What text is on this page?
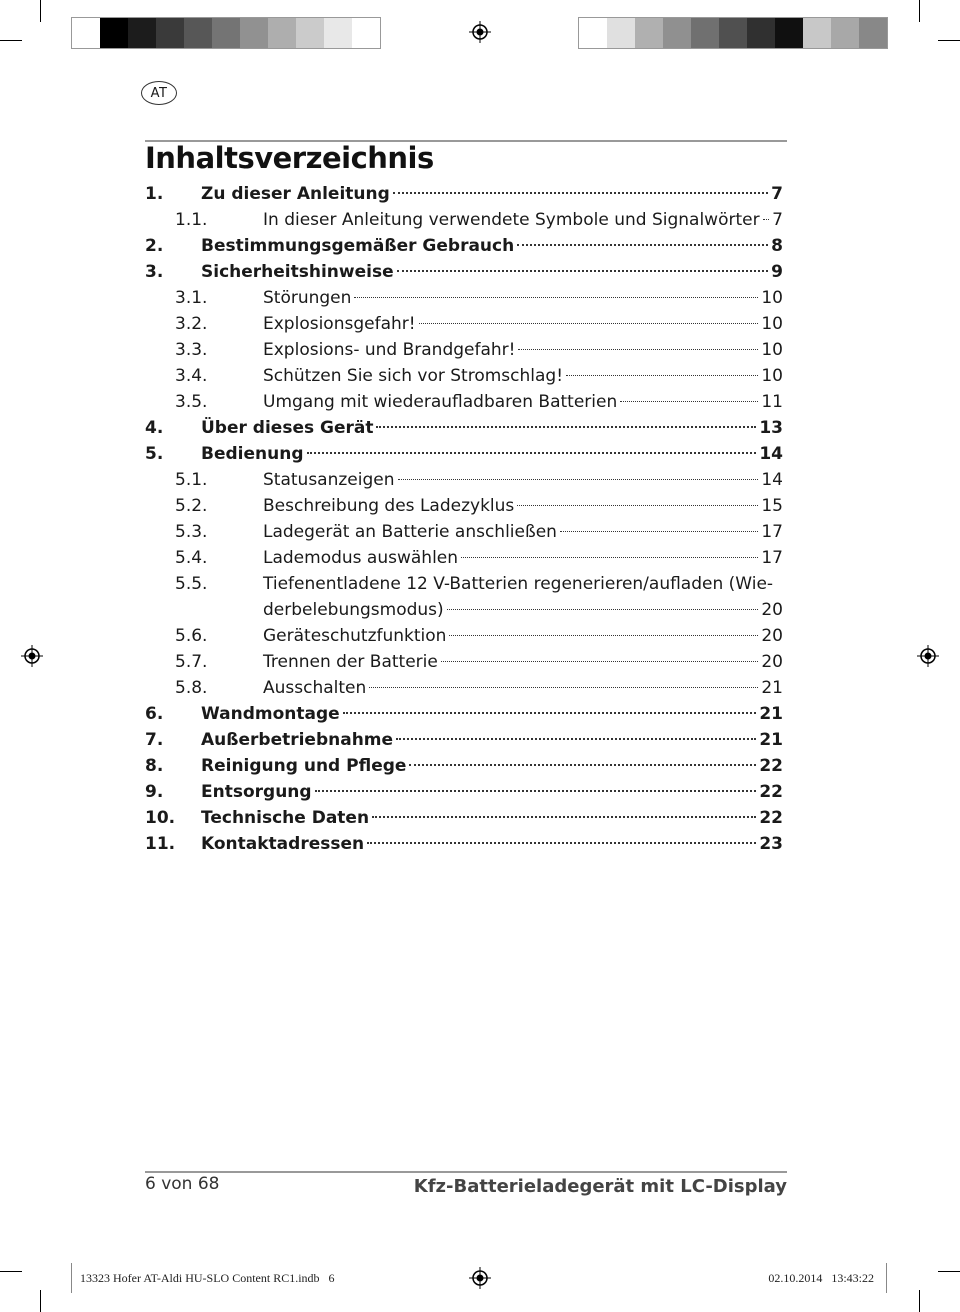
AT
Inhaltsverzeichnis
1.	Zu dieser Anleitung	7
1.1.	In dieser Anleitung verwendete Symbole und Signalwörter 7
2.	Bestimmungsgemäßer Gebrauch	8
3.	Sicherheitshinweise	9
3.1.	Störungen	10
3.2.	Explosionsgefahr!	10
3.3.	Explosions- und Brandgefahr!	10
3.4.	Schützen Sie sich vor Stromschlag!	10
3.5.	Umgang mit wiederaufladbaren Batterien	11
4.	Über dieses Gerät	13
5.	Bedienung	14
5.1.	Statusanzeigen	14
5.2.	Beschreibung des Ladezyklus	15
5.3.	Ladegerät an Batterie anschließen	17
5.4.	Lademodus auswählen	17
5.5.	Tiefenentladene 12 V-Batterien regenerieren/aufladen (Wie-
derbelebungsmodus)	20
5.6.	Geräteschutzfunktion	20
5.7.	Trennen der Batterie	20
5.8.	Ausschalten	21
6.	Wandmontage	21
7.	Außerbetriebnahme	21
8.	Reinigung und Pflege	22
9.	Entsorgung	22
10.	Technische Daten	22
11.	Kontaktadressen	23
6 von 68	Kfz-Batterieladegerät mit LC-Display
13323 Hofer AT-Aldi HU-SLO Content RC1.indb   6	02.10.2014   13:43:22
